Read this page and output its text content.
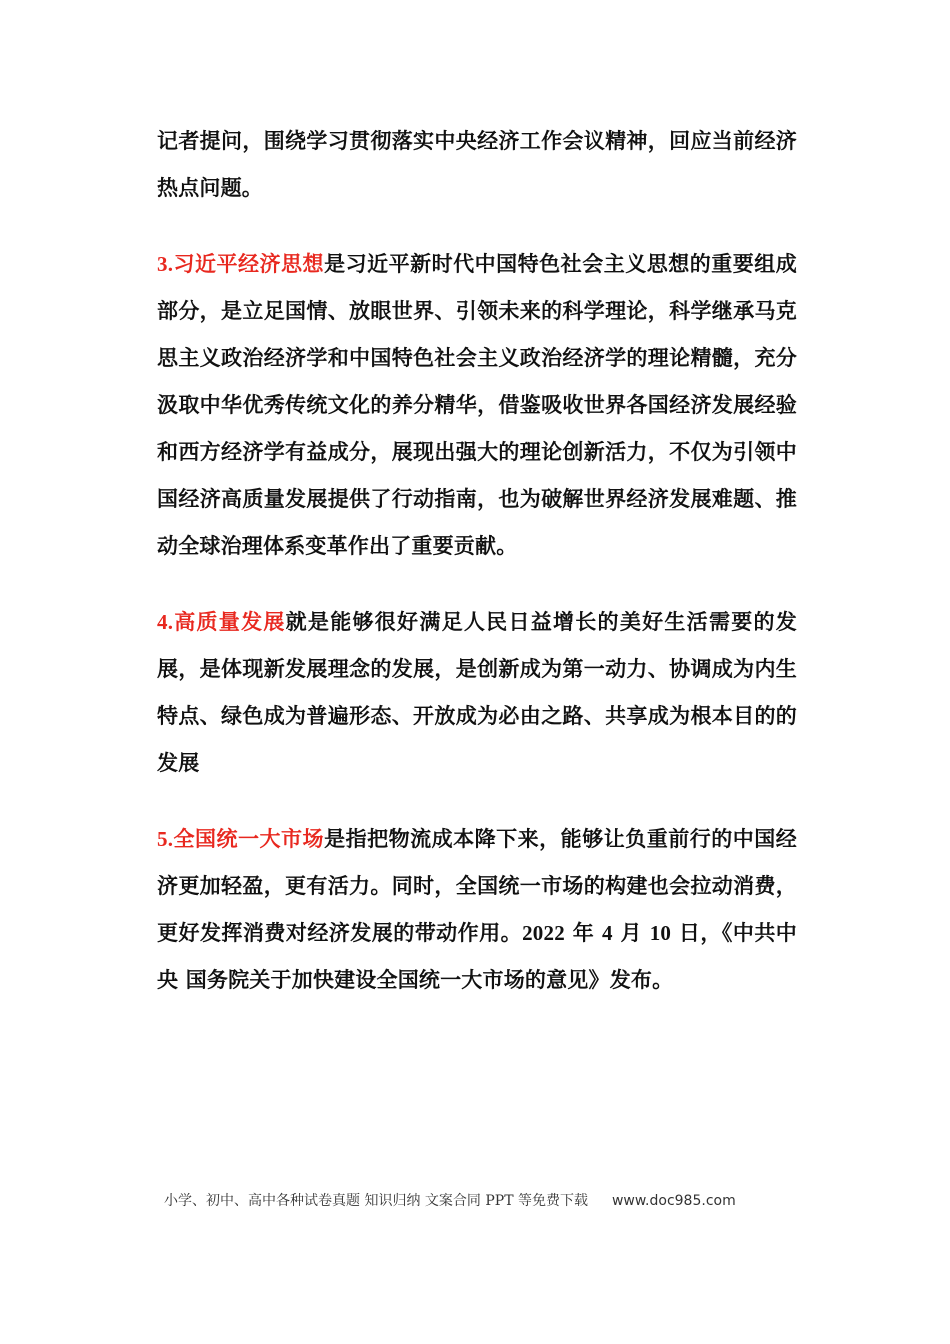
记者提问，围绕学习贯彻落实中央经济工作会议精神，回应当前经济热点问题。

3.习近平经济思想是习近平新时代中国特色社会主义思想的重要组成部分，是立足国情、放眼世界、引领未来的科学理论，科学继承马克思主义政治经济学和中国特色社会主义政治经济学的理论精髓，充分汲取中华优秀传统文化的养分精华，借鉴吸收世界各国经济发展经验和西方经济学有益成分，展现出强大的理论创新活力，不仅为引领中国经济高质量发展提供了行动指南，也为破解世界经济发展难题、推动全球治理体系变革作出了重要贡献。

4.高质量发展就是能够很好满足人民日益增长的美好生活需要的发展，是体现新发展理念的发展，是创新成为第一动力、协调成为内生特点、绿色成为普遍形态、开放成为必由之路、共享成为根本目的的发展

5.全国统一大市场是指把物流成本降下来，能够让负重前行的中国经济更加轻盈，更有活力。同时，全国统一市场的构建也会拉动消费，更好发挥消费对经济发展的带动作用。2022 年 4 月 10 日，《中共中央 国务院关于加快建设全国统一大市场的意见》发布。

小学、初中、高中各种试卷真题 知识归纳 文案合同 PPT 等免费下载 www.doc985.com
